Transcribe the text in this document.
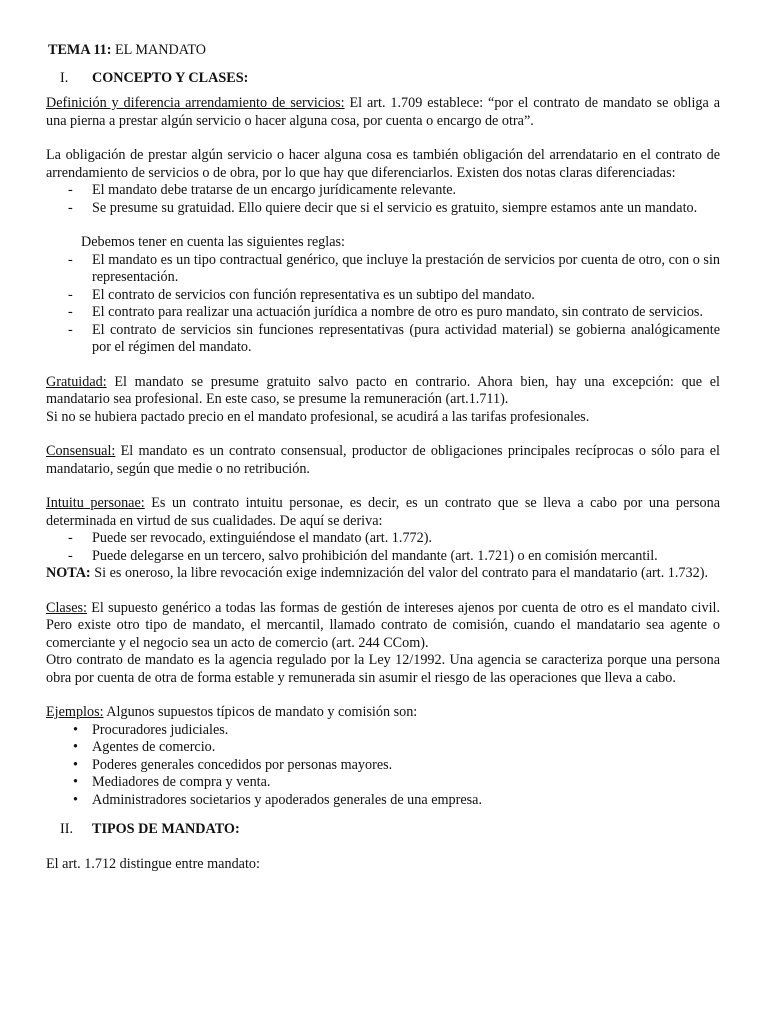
TEMA 11: EL MANDATO
I.	CONCEPTO Y CLASES:

Definición y diferencia arrendamiento de servicios: El art. 1.709 establece: “por el contrato de mandato se obliga a una pierna a prestar algún servicio o hacer alguna cosa, por cuenta o encargo de otra”.

La obligación de prestar algún servicio o hacer alguna cosa es también obligación del arrendatario en el contrato de arrendamiento de servicios o de obra, por lo que hay que diferenciarlos. Existen dos notas claras diferenciadas:

-	El mandato debe tratarse de un encargo jurídicamente relevante.
-	Se presume su gratuidad. Ello quiere decir que si el servicio es gratuito, siempre estamos ante un mandato.

Debemos tener en cuenta las siguientes reglas:

-	El mandato es un tipo contractual genérico, que incluye la prestación de servicios por cuenta de otro, con o sin representación.
-	El contrato de servicios con función representativa es un subtipo del mandato.
-	El contrato para realizar una actuación jurídica a nombre de otro es puro mandato, sin contrato de servicios.
-	El contrato de servicios sin funciones representativas (pura actividad material) se gobierna analógicamente por el régimen del mandato.

Gratuidad: El mandato se presume gratuito salvo pacto en contrario. Ahora bien, hay una excepción: que el mandatario sea profesional. En este caso, se presume la remuneración (art.1.711).

Si no se hubiera pactado precio en el mandato profesional, se acudirá a las tarifas profesionales.

Consensual: El mandato es un contrato consensual, productor de obligaciones principales recíprocas o sólo para el mandatario, según que medie o no retribución.

Intuitu personae: Es un contrato intuitu personae, es decir, es un contrato que se lleva a cabo por una persona determinada en virtud de sus cualidades. De aquí se deriva:

-	Puede ser revocado, extinguiéndose el mandato (art. 1.772).
-	Puede delegarse en un tercero, salvo prohibición del mandante (art. 1.721) o en comisión mercantil.

NOTA: Si es oneroso, la libre revocación exige indemnización del valor del contrato para el mandatario (art. 1.732).

Clases: El supuesto genérico a todas las formas de gestión de intereses ajenos por cuenta de otro es el mandato civil. Pero existe otro tipo de mandato, el mercantil, llamado contrato de comisión, cuando el mandatario sea agente o comerciante y el negocio sea un acto de comercio (art. 244 CCom).

Otro contrato de mandato es la agencia regulado por la Ley 12/1992. Una agencia se caracteriza porque una persona obra por cuenta de otra de forma estable y remunerada sin asumir el riesgo de las operaciones que lleva a cabo.

Ejemplos: Algunos supuestos típicos de mandato y comisión son:

• Procuradores judiciales.
• Agentes de comercio.
• Poderes generales concedidos por personas mayores.
• Mediadores de compra y venta.
• Administradores societarios y apoderados generales de una empresa.
II.	TIPOS DE MANDATO:

El art. 1.712 distingue entre mandato:
